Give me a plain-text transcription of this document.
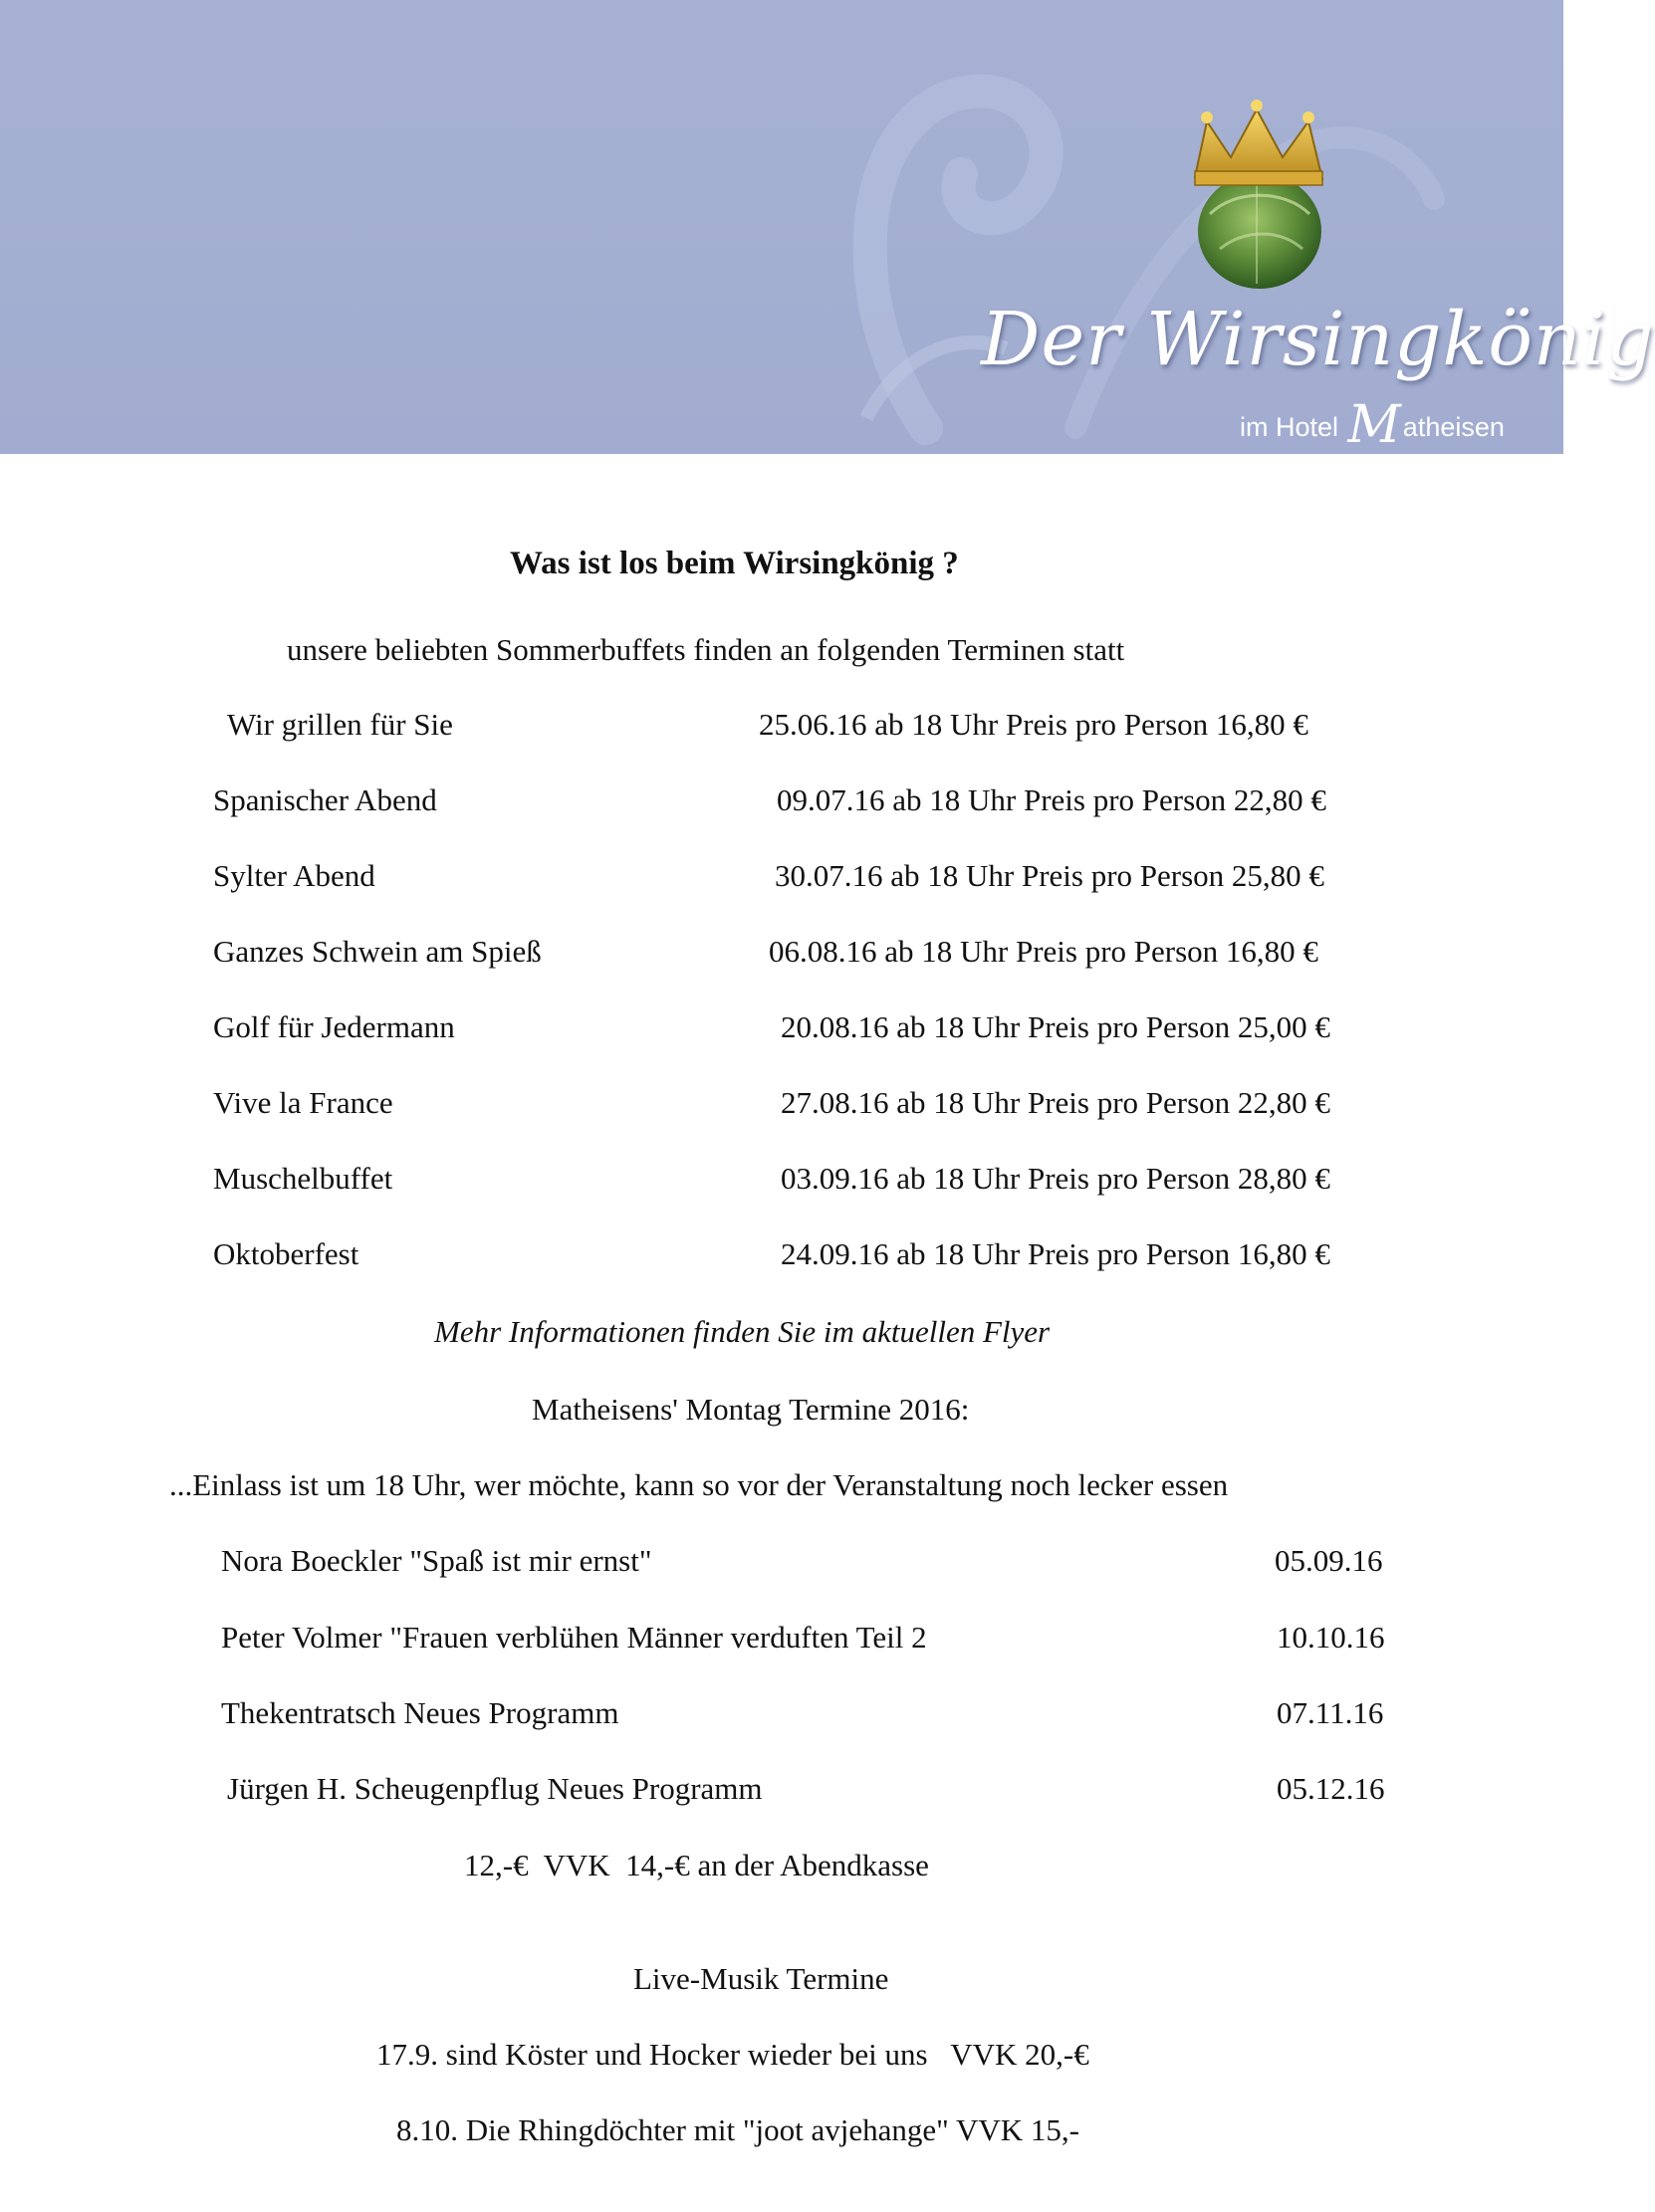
Der Wirsingkönig
im Hotel Matheisen
Was ist los beim Wirsingkönig ?
unsere beliebten Sommerbuffets finden an folgenden Terminen statt
Wir grillen für Sie	25.06.16 ab 18 Uhr Preis pro Person 16,80 €
Spanischer Abend	09.07.16 ab 18 Uhr Preis pro Person 22,80 €
Sylter Abend	30.07.16 ab 18 Uhr Preis pro Person 25,80 €
Ganzes Schwein am Spieß	06.08.16 ab 18 Uhr Preis pro Person 16,80 €
Golf für Jedermann	20.08.16 ab 18 Uhr Preis pro Person 25,00 €
Vive la France	27.08.16 ab 18 Uhr Preis pro Person 22,80 €
Muschelbuffet	03.09.16 ab 18 Uhr Preis pro Person 28,80 €
Oktoberfest	24.09.16 ab 18 Uhr Preis pro Person 16,80 €
Mehr Informationen finden Sie im aktuellen Flyer
Matheisens' Montag Termine 2016:
...Einlass ist um 18 Uhr, wer möchte, kann so vor der Veranstaltung noch lecker essen
Nora Boeckler "Spaß ist mir ernst"	05.09.16
Peter Volmer "Frauen verblühen Männer verduften Teil 2	10.10.16
Thekentratsch Neues Programm	07.11.16
Jürgen H. Scheugenpflug Neues Programm	05.12.16
12,-€  VVK  14,-€ an der Abendkasse
Live-Musik Termine
17.9. sind Köster und Hocker wieder bei uns   VVK 20,-€
8.10. Die Rhingdöchter mit "joot avjehange" VVK 15,-
